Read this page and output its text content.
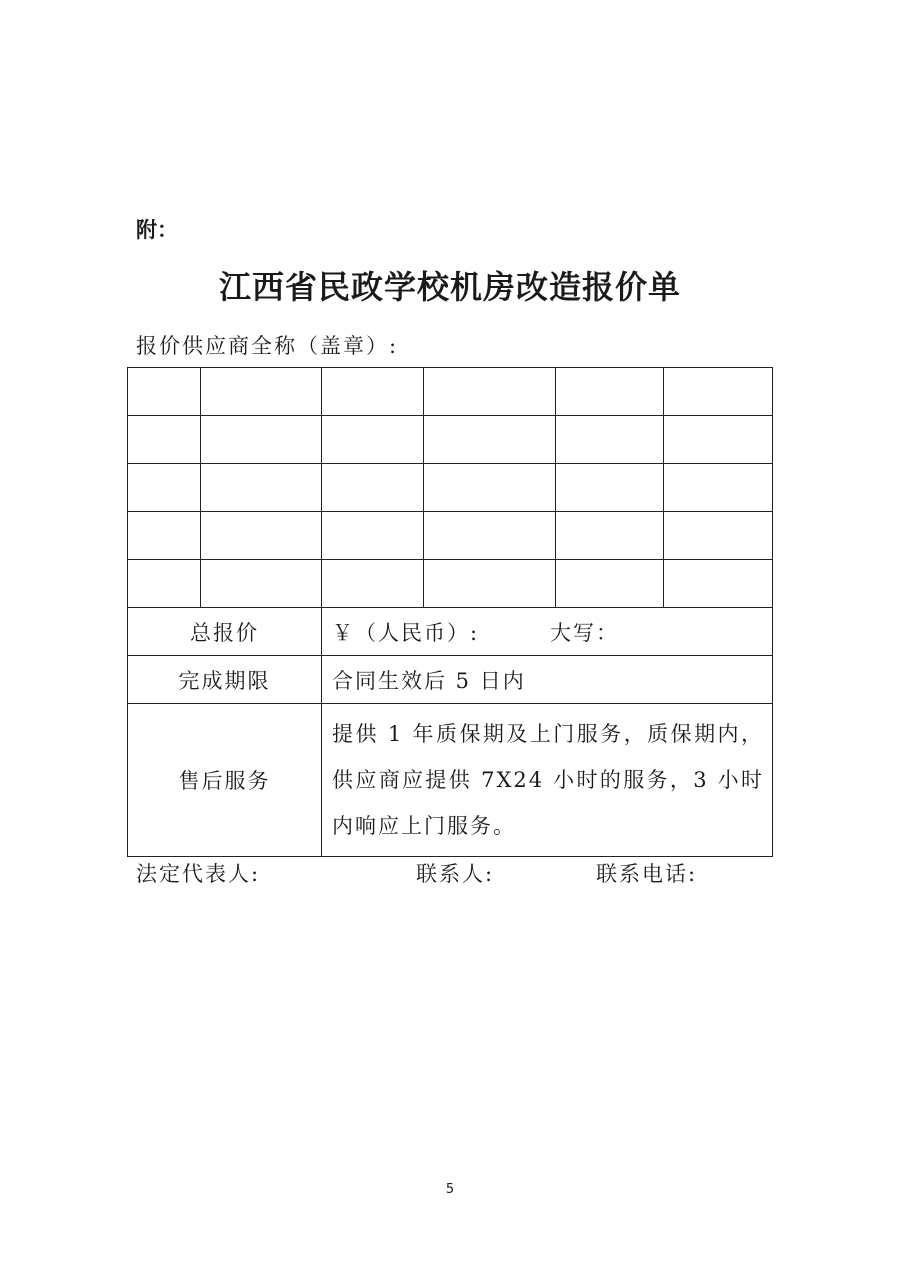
附：
江西省民政学校机房改造报价单
报价供应商全称（盖章）:

总报价		￥（人民币）: 大写：			
完成期限		合同生效后 5 日内			
售后服务		提供 1 年质保期及上门服务，质保期内，供应商应提供 7X24 小时的服务，3 小时内响应上门服务。			
法定代表人:	联系人:	联系电话:
5
